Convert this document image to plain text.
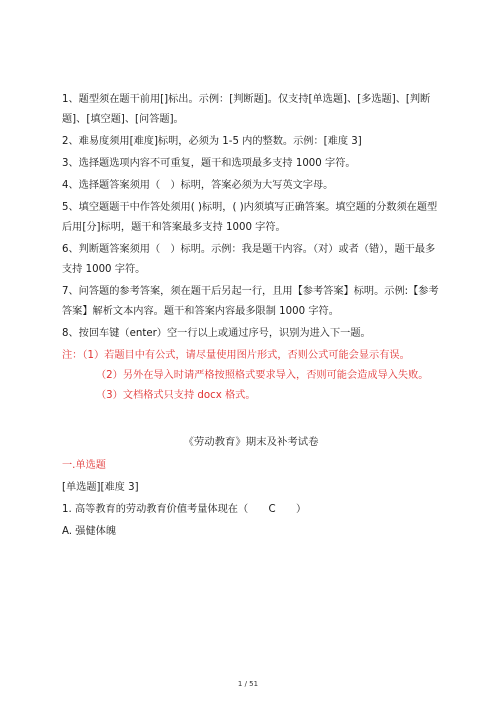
1、题型须在题干前用[]标出。示例：[判断题]。仅支持[单选题]、[多选题]、[判断题]、[填空题]、[问答题]。

2、难易度须用[难度]标明，必须为 1-5 内的整数。示例：[难度 3]

3、选择题选项内容不可重复，题干和选项最多支持 1000 字符。

4、选择题答案须用（　）标明，答案必须为大写英文字母。

5、填空题题干中作答处须用( )标明，( )内须填写正确答案。填空题的分数须在题型后用[分]标明，题干和答案最多支持 1000 字符。

6、判断题答案须用（　）标明。示例：我是题干内容。（对）或者（错），题干最多支持 1000 字符。

7、问答题的参考答案，须在题干后另起一行，且用【参考答案】标明。示例:【参考答案】解析文本内容。题干和答案内容最多限制 1000 字符。

8、按回车键（enter）空一行以上或通过序号，识别为进入下一题。

注：（1）若题目中有公式，请尽量使用图片形式，否则公式可能会显示有误。

（2）另外在导入时请严格按照格式要求导入，否则可能会造成导入失败。

（3）文档格式只支持 docx 格式。

《劳动教育》期末及补考试卷

一.单选题

[单选题][难度 3]

1. 高等教育的劳动教育价值考量体现在（　　C　　）

A. 强健体魄

1 / 51
